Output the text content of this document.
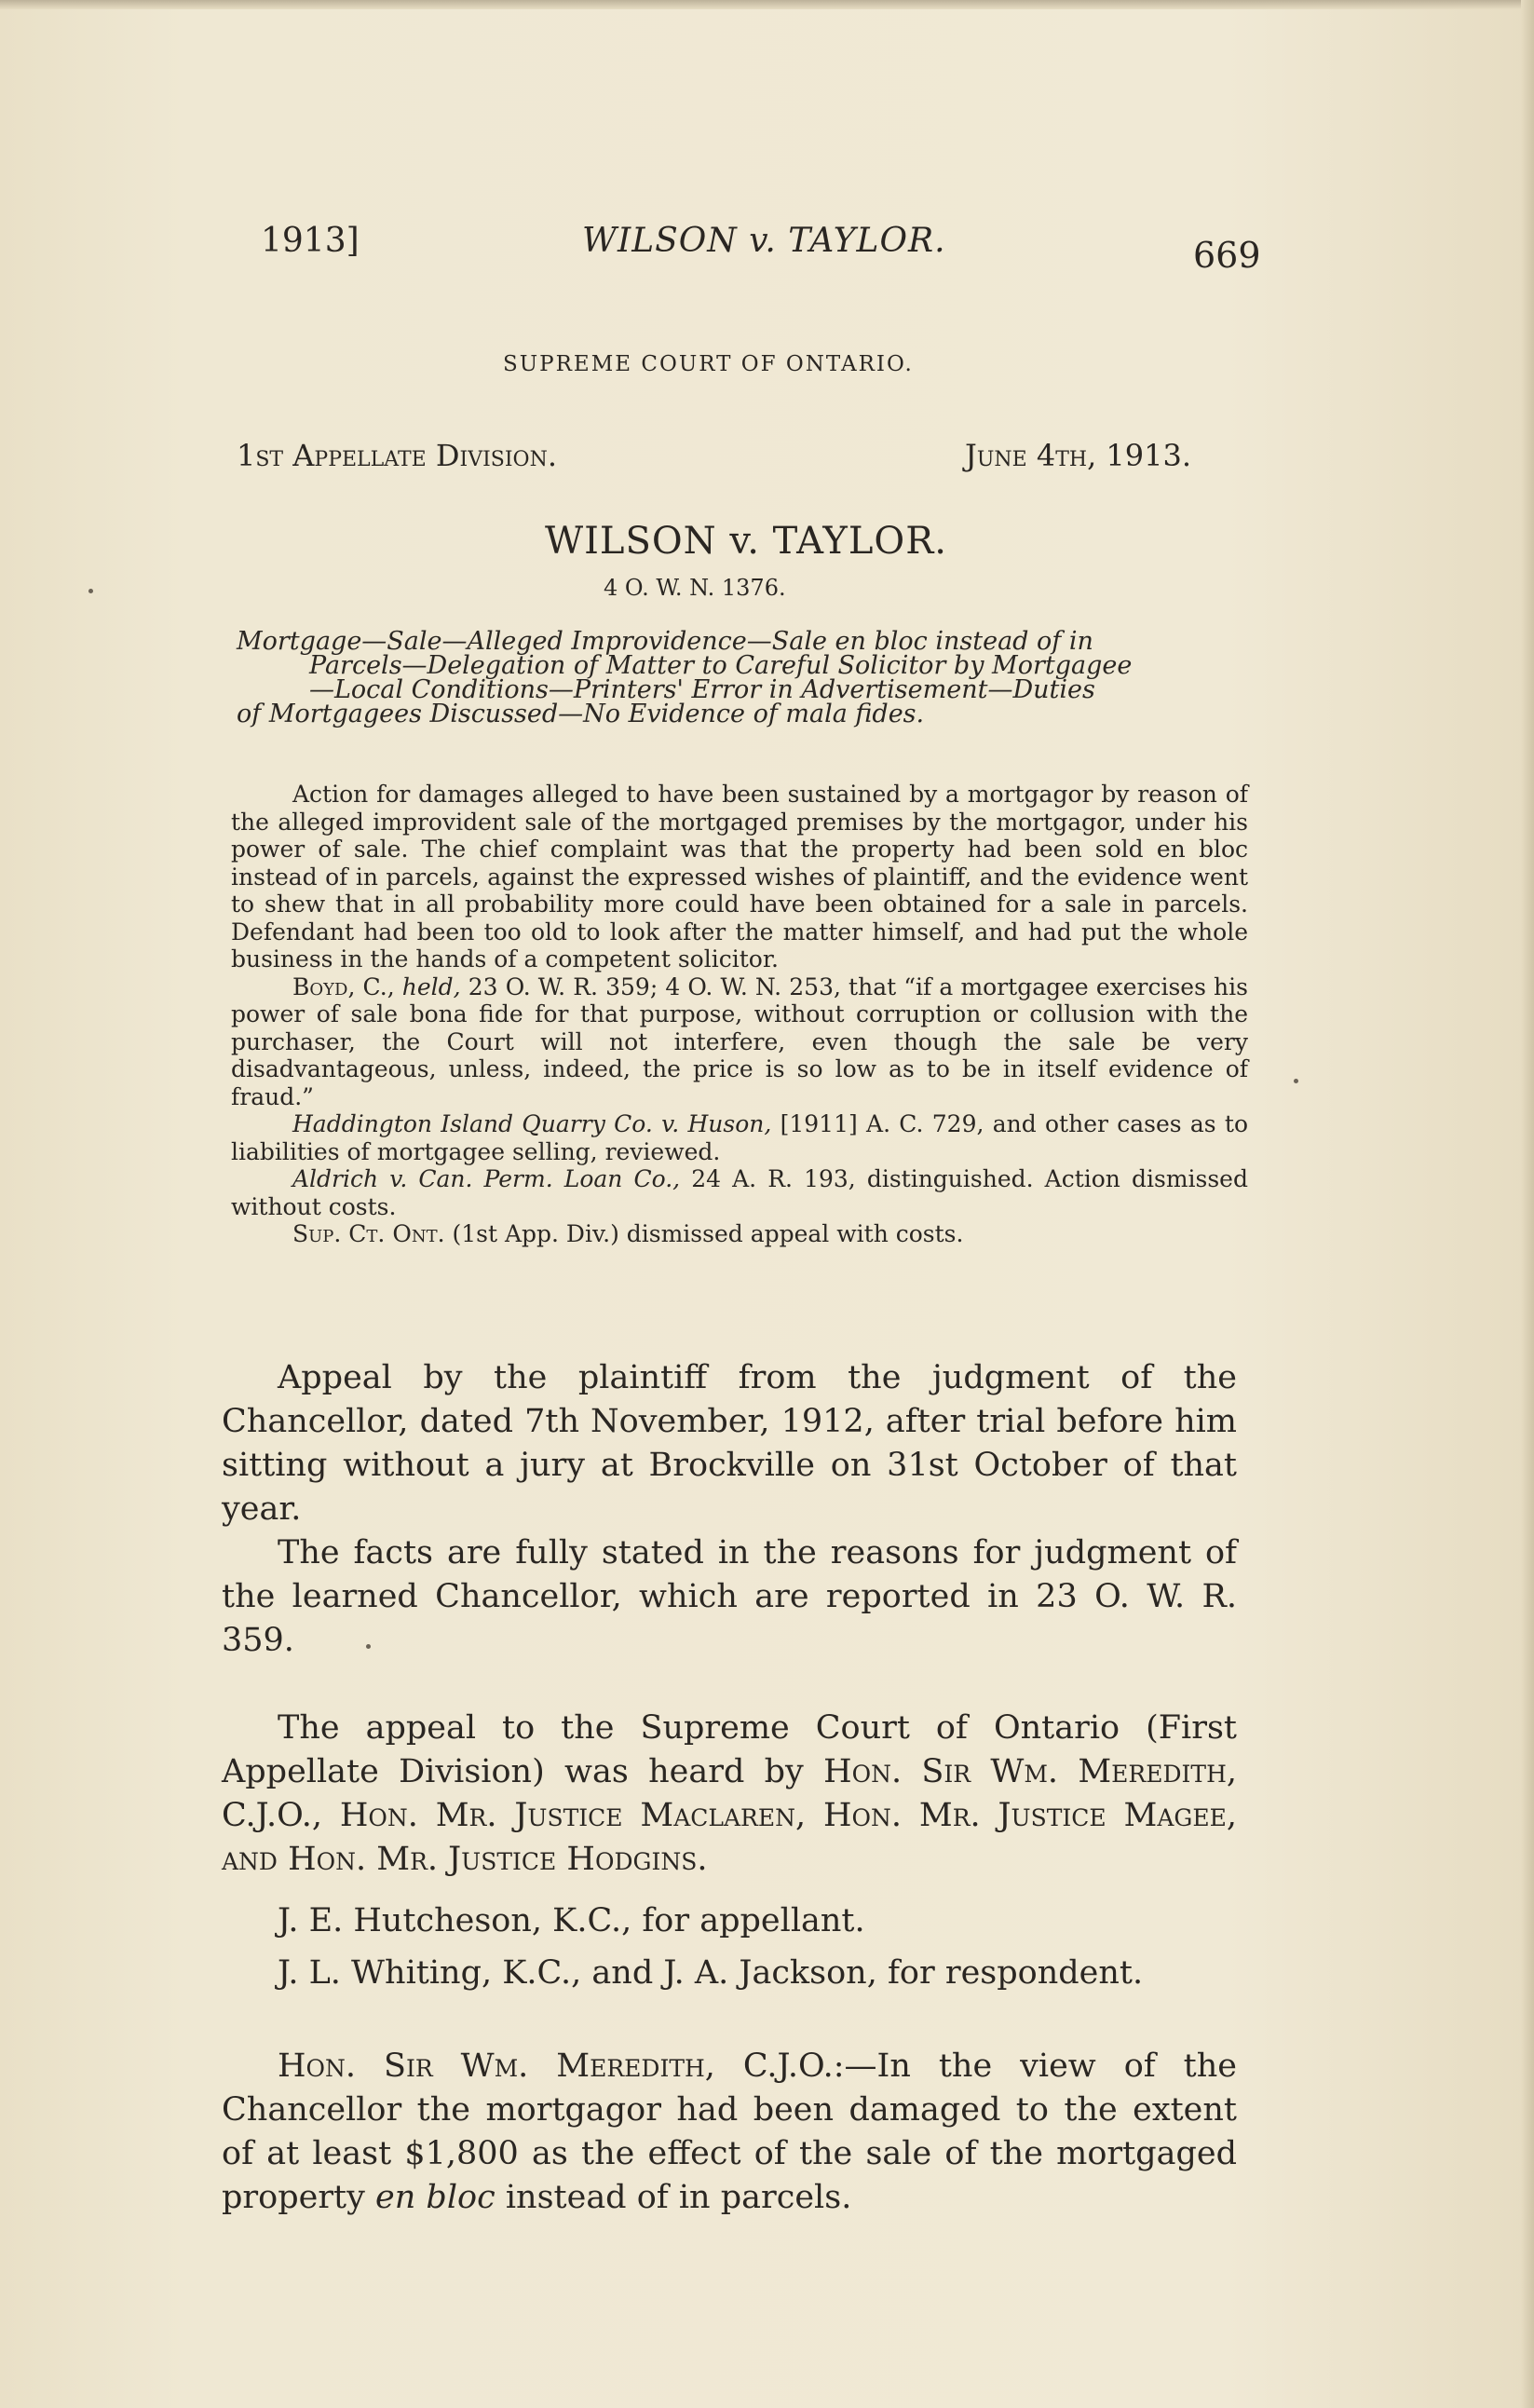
1913]	WILSON v. TAYLOR.	669
SUPREME COURT OF ONTARIO.
1st Appellate Division.	June 4th, 1913.
WILSON v. TAYLOR.
4 O. W. N. 1376.
Mortgage—Sale—Alleged Improvidence—Sale en bloc instead of in
Parcels—Delegation of Matter to Careful Solicitor by Mortgagee
—Local Conditions—Printers' Error in Advertisement—Duties
of Mortgagees Discussed—No Evidence of mala fides.

Action for damages alleged to have been sustained by a mortgagor by reason of the alleged improvident sale of the mortgaged premises by the mortgagor, under his power of sale. The chief complaint was that the property had been sold en bloc instead of in parcels, against the expressed wishes of plaintiff, and the evidence went to shew that in all probability more could have been obtained for a sale in parcels. Defendant had been too old to look after the matter himself, and had put the whole business in the hands of a competent solicitor.

Boyd, C., held, 23 O. W. R. 359; 4 O. W. N. 253, that “if a mortgagee exercises his power of sale bona fide for that purpose, without corruption or collusion with the purchaser, the Court will not interfere, even though the sale be very disadvantageous, unless, indeed, the price is so low as to be in itself evidence of fraud.”

Haddington Island Quarry Co. v. Huson, [1911] A. C. 729, and other cases as to liabilities of mortgagee selling, reviewed.

Aldrich v. Can. Perm. Loan Co., 24 A. R. 193, distinguished. Action dismissed without costs.

Sup. Ct. Ont. (1st App. Div.) dismissed appeal with costs.

Appeal by the plaintiff from the judgment of the Chancellor, dated 7th November, 1912, after trial before him sitting without a jury at Brockville on 31st October of that year.

The facts are fully stated in the reasons for judgment of the learned Chancellor, which are reported in 23 O. W. R. 359.

The appeal to the Supreme Court of Ontario (First Appellate Division) was heard by Hon. Sir Wm. Meredith, C.J.O., Hon. Mr. Justice Maclaren, Hon. Mr. Justice Magee, and Hon. Mr. Justice Hodgins.

J. E. Hutcheson, K.C., for appellant.
J. L. Whiting, K.C., and J. A. Jackson, for respondent.

Hon. Sir Wm. Meredith, C.J.O.:—In the view of the Chancellor the mortgagor had been damaged to the extent of at least $1,800 as the effect of the sale of the mortgaged property en bloc instead of in parcels.
